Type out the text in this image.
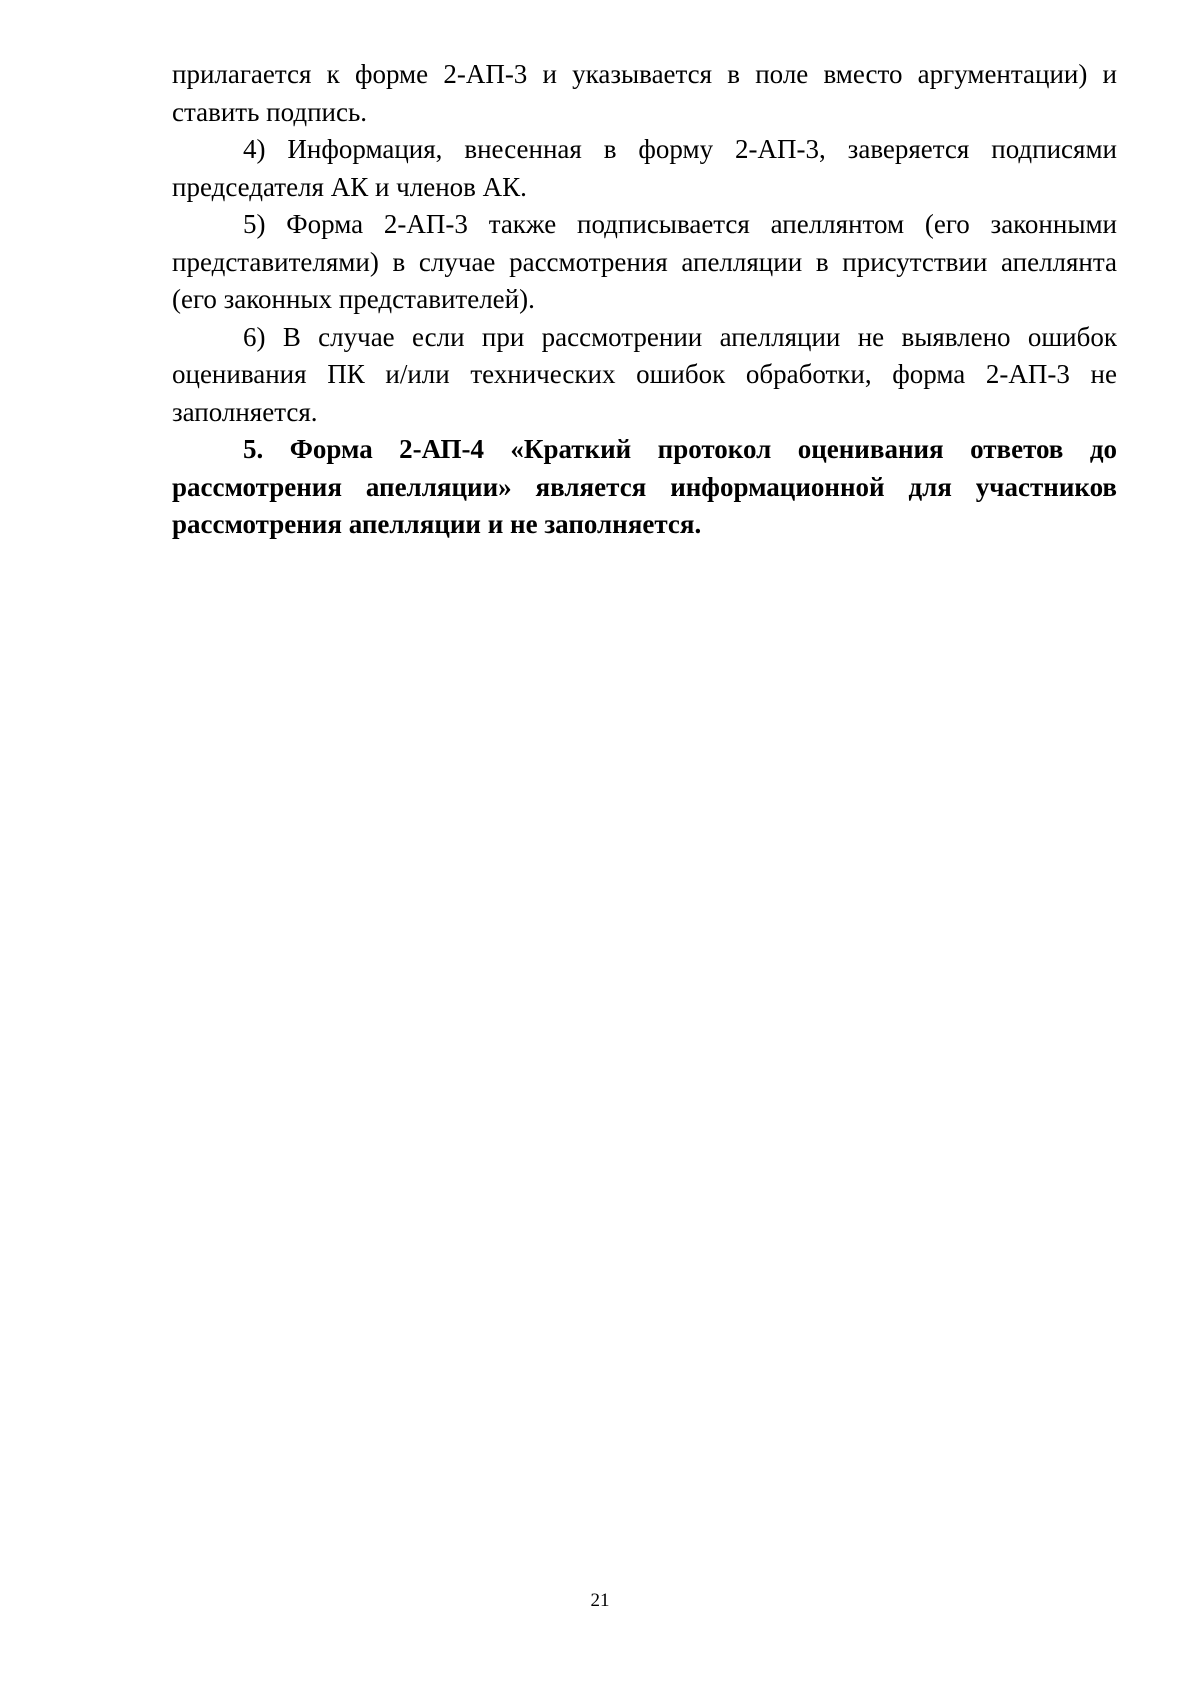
прилагается к форме 2-АП-3 и указывается в поле вместо аргументации) и ставить подпись.

4) Информация, внесенная в форму 2-АП-3, заверяется подписями председателя АК и членов АК.

5) Форма 2-АП-3 также подписывается апеллянтом (его законными представителями) в случае рассмотрения апелляции в присутствии апеллянта (его законных представителей).

6) В случае если при рассмотрении апелляции не выявлено ошибок оценивания ПК и/или технических ошибок обработки, форма 2-АП-3 не заполняется.

5. Форма 2-АП-4 «Краткий протокол оценивания ответов до рассмотрения апелляции» является информационной для участников рассмотрения апелляции и не заполняется.

21
